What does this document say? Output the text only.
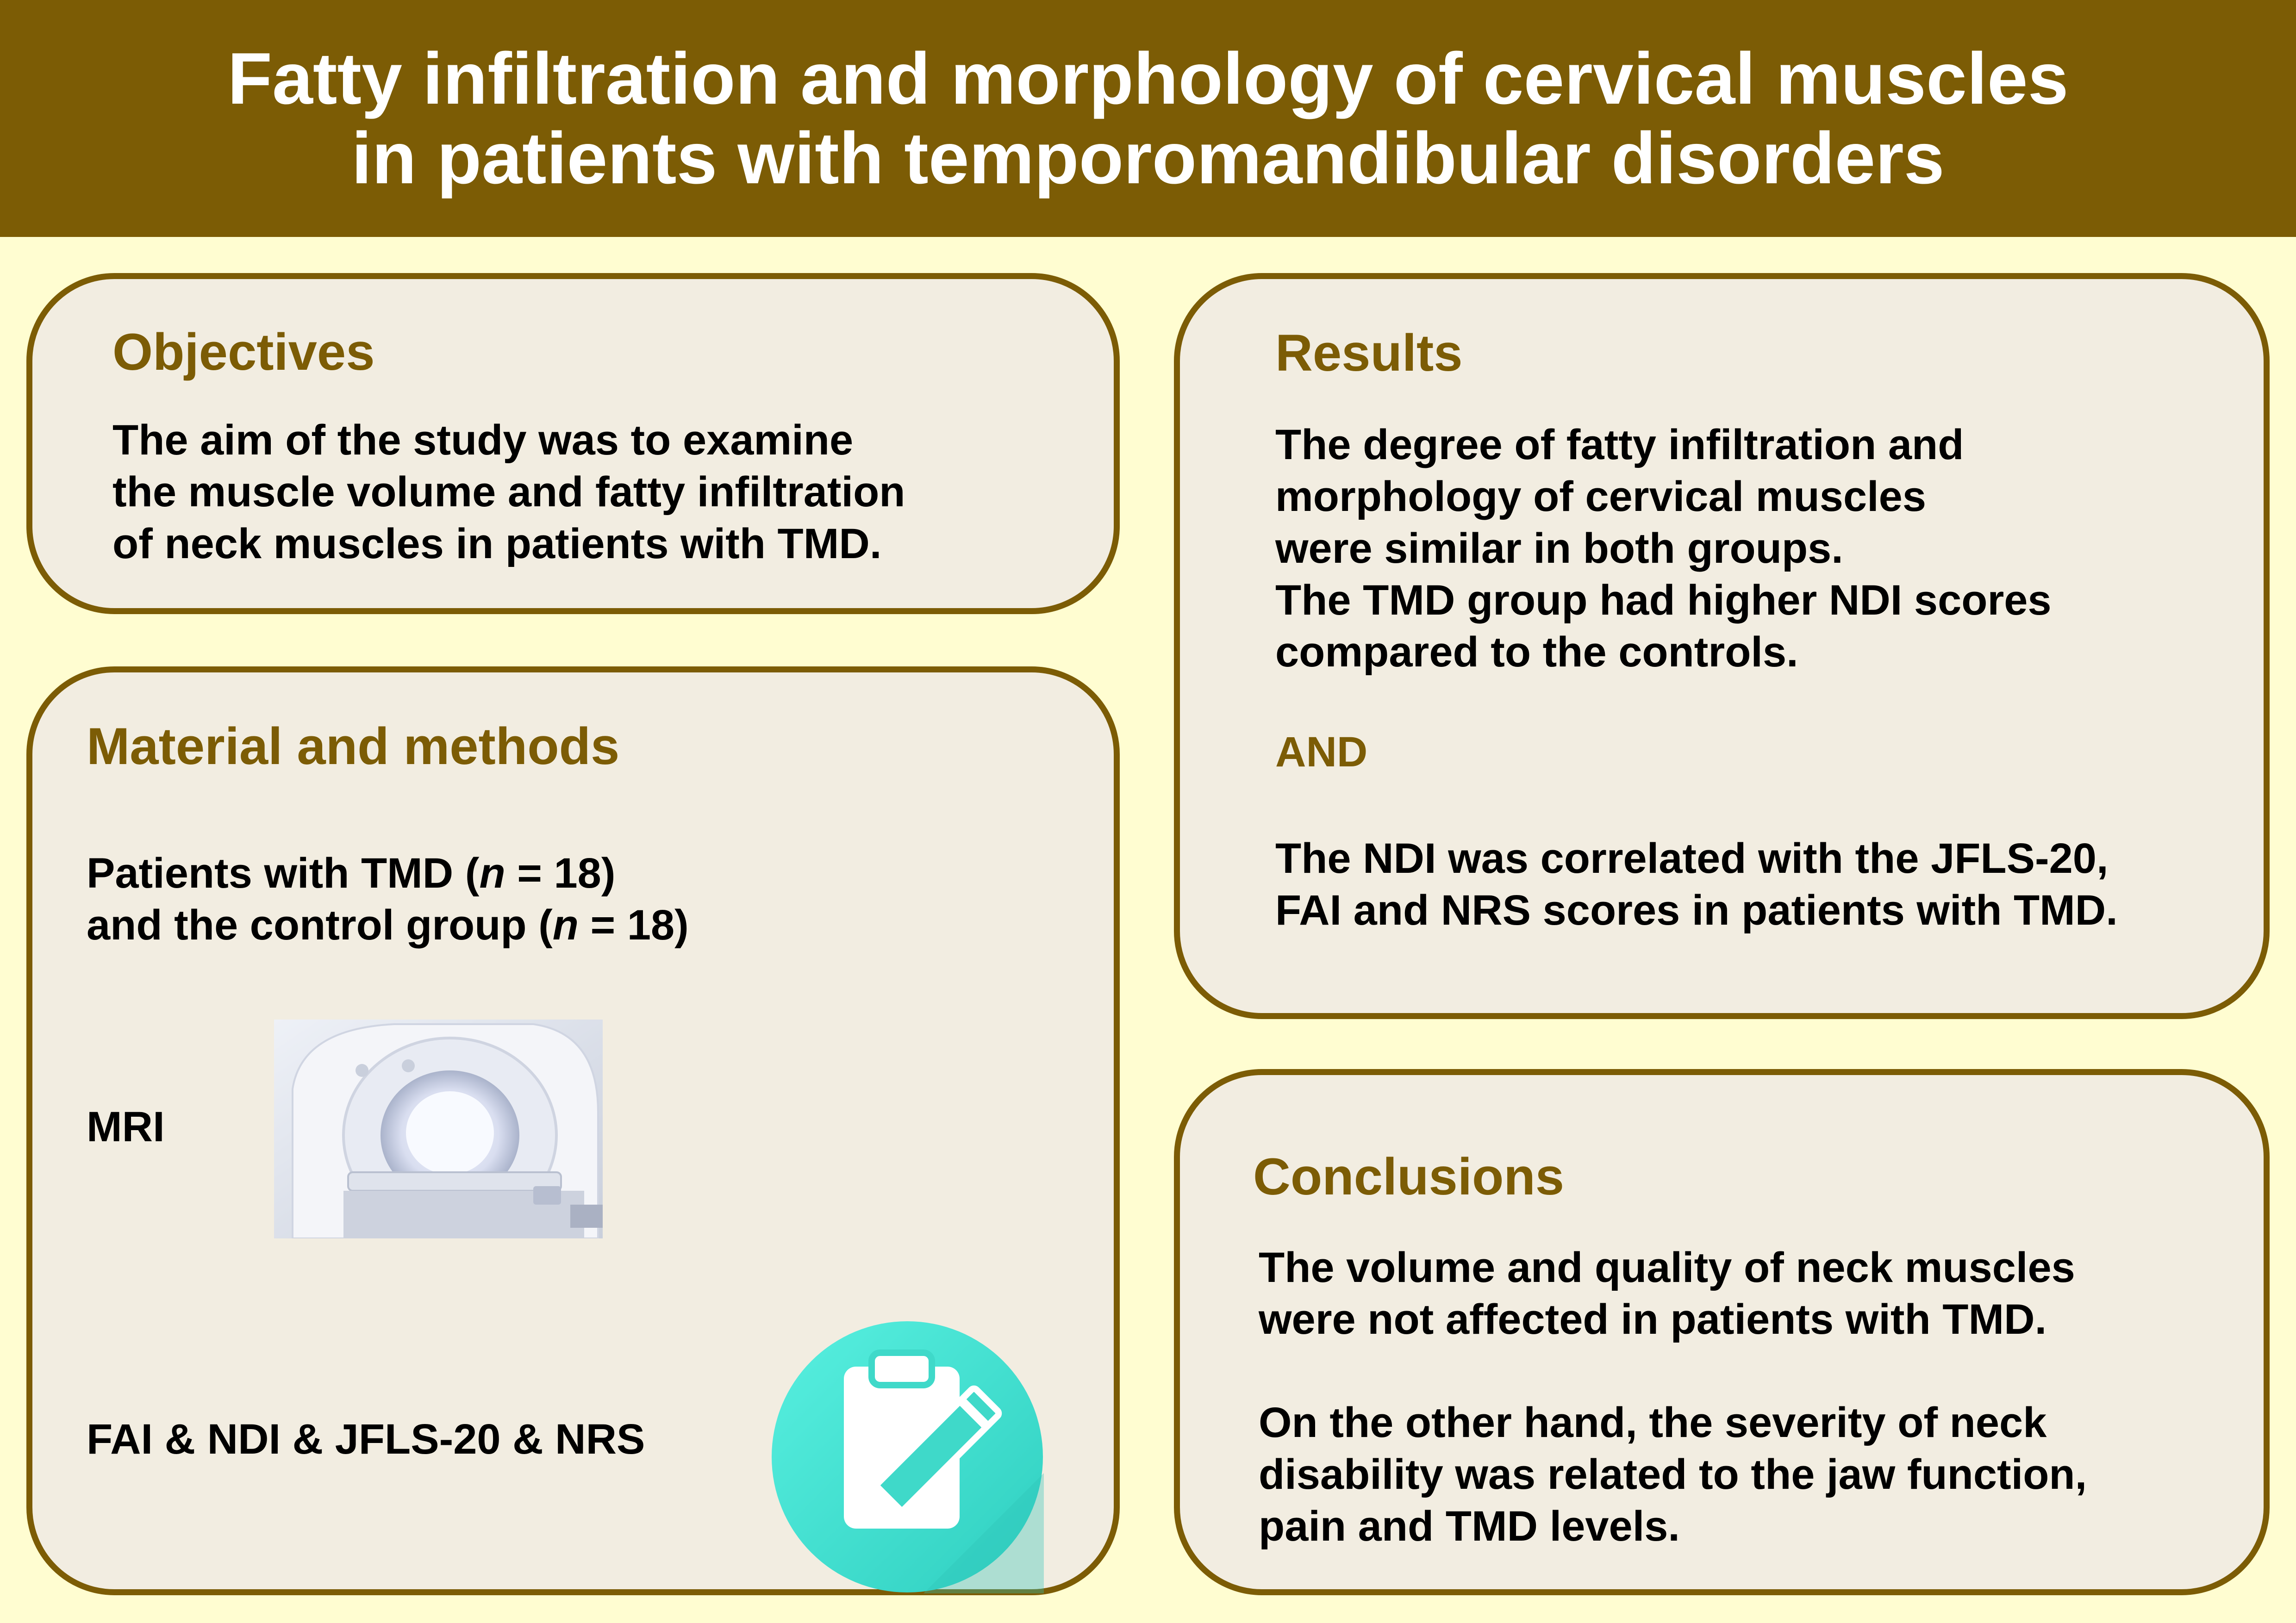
Fatty infiltration and morphology of cervical muscles
in patients with temporomandibular disorders
Objectives
The aim of the study was to examine
the muscle volume and fatty infiltration
of neck muscles in patients with TMD.
Material and methods
Patients with TMD (n = 18)
and the control group (n = 18)
MRI
FAI & NDI & JFLS-20 & NRS
Results
The degree of fatty infiltration and
morphology of cervical muscles
were similar in both groups.
The TMD group had higher NDI scores
compared to the controls.
AND
The NDI was correlated with the JFLS-20,
FAI and NRS scores in patients with TMD.
Conclusions
The volume and quality of neck muscles
were not affected in patients with TMD.
On the other hand, the severity of neck
disability was related to the jaw function,
pain and TMD levels.
